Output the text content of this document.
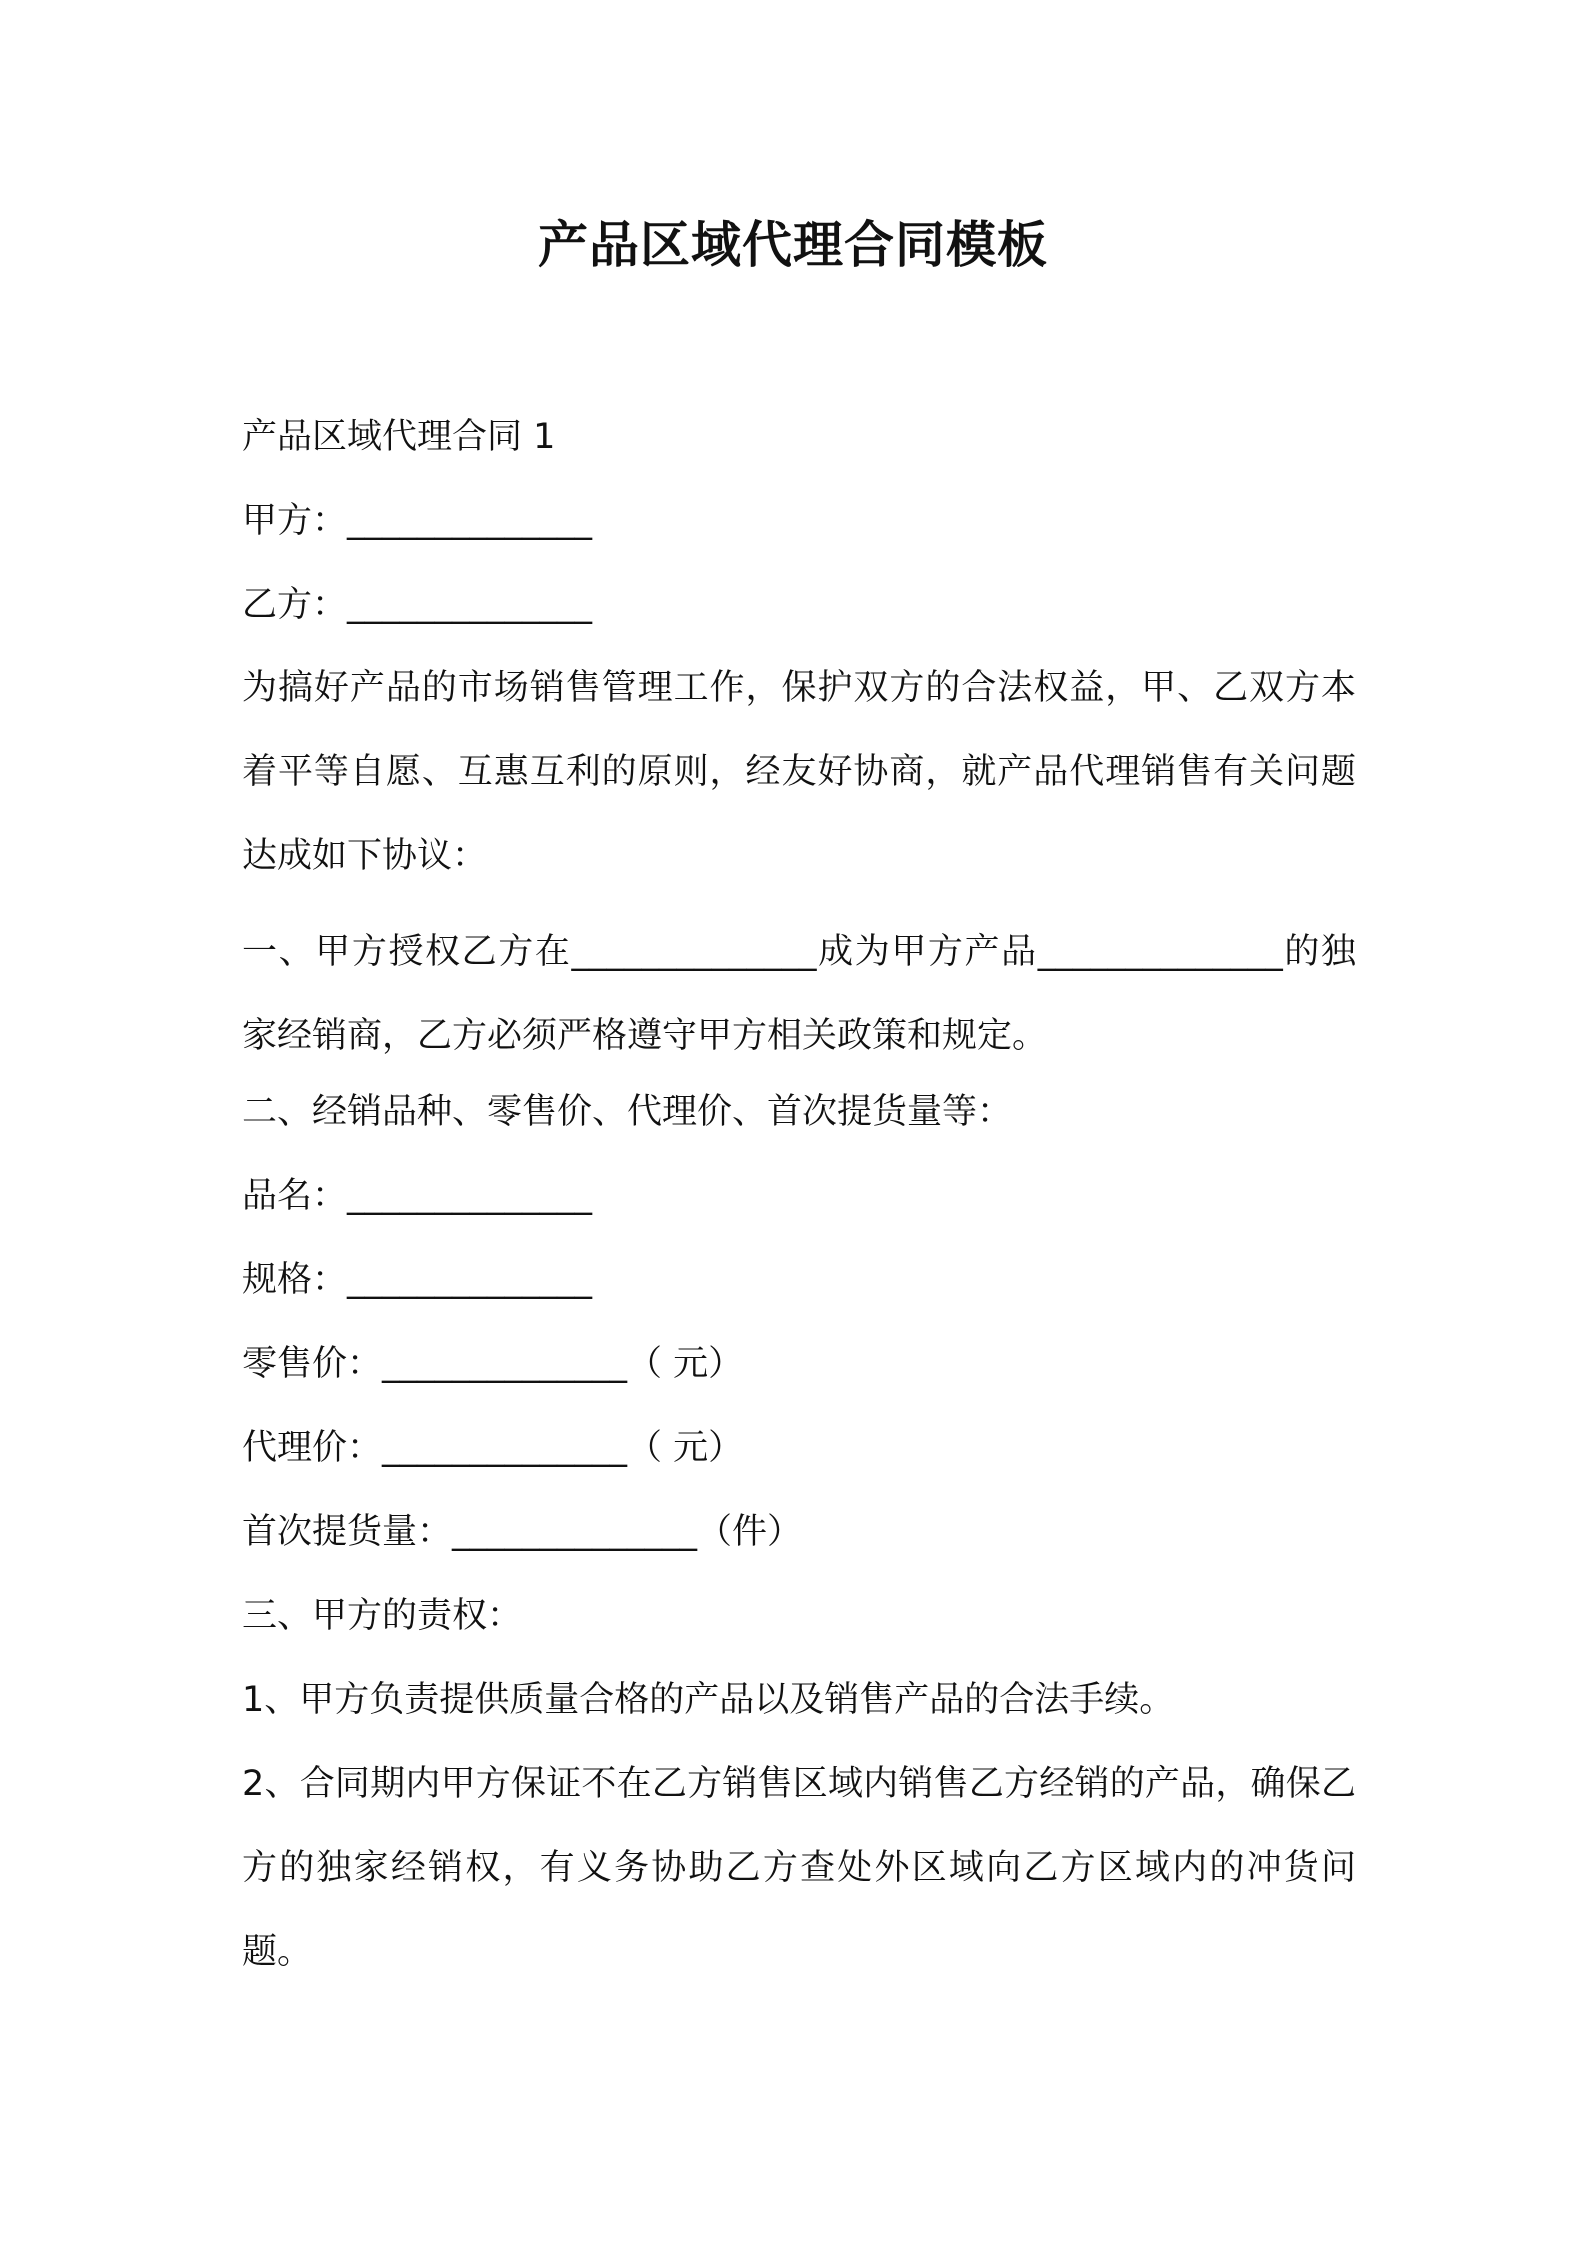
产品区域代理合同模板
产品区域代理合同 1
甲方：______________
乙方：______________
为搞好产品的市场销售管理工作，保护双方的合法权益，甲、乙双方本着平等自愿、互惠互利的原则，经友好协商，就产品代理销售有关问题达成如下协议：
一、甲方授权乙方在______________成为甲方产品______________的独家经销商，乙方必须严格遵守甲方相关政策和规定。
二、经销品种、零售价、代理价、首次提货量等：
品名：______________
规格：______________
零售价：______________（ 元）
代理价：______________（ 元）
首次提货量：______________（件）
三、甲方的责权：
1、甲方负责提供质量合格的产品以及销售产品的合法手续。
2、合同期内甲方保证不在乙方销售区域内销售乙方经销的产品，确保乙方的独家经销权，有义务协助乙方查处外区域向乙方区域内的冲货问题。
